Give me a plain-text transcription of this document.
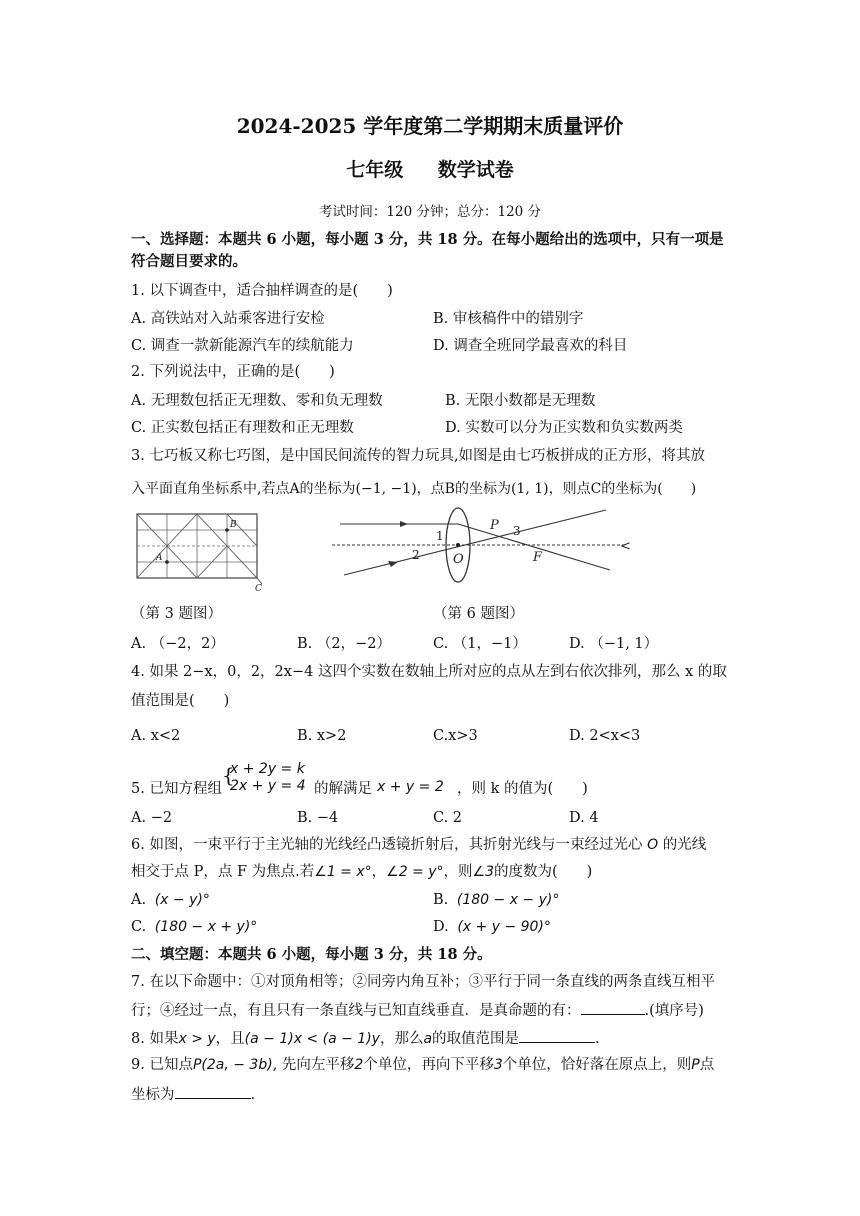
2024-2025 学年度第二学期期末质量评价
七年级 数学试卷
考试时间：120 分钟；总分：120 分
一、选择题：本题共 6 小题，每小题 3 分，共 18 分。在每小题给出的选项中，只有一项是
符合题目要求的。
1. 以下调查中，适合抽样调查的是(　　)
A. 高铁站对入站乘客进行安检	B. 审核稿件中的错别字
C. 调查一款新能源汽车的续航能力	D. 调查全班同学最喜欢的科目
2. 下列说法中，正确的是(　　)
A. 无理数包括正无理数、零和负无理数	B. 无限小数都是无理数
C. 正实数包括正有理数和正无理数	D. 实数可以分为正实数和负实数两类
3. 七巧板又称七巧图，是中国民间流传的智力玩具,如图是由七巧板拼成的正方形，将其放
入平面直角坐标系中,若点A的坐标为(−1, −1)，点B的坐标为(1, 1)，则点C的坐标为(　　)
A
B
C
1
2
3
P
O	F
<
（第 3 题图）	（第 6 题图）
A. （−2，2）	B. （2，−2）	C. （1，−1）	D. （−1, 1）
4. 如果 2−x，0，2，2x−4 这四个实数在数轴上所对应的点从左到右依次排列，那么 x 的取
值范围是(　　)
A. x<2	B. x>2	C.x>3	D. 2<x<3
5. 已知方程组
{
x + 2y = k
2x + y = 4 的解满足 x + y = 2 ，则 k 的值为(　　)
A. −2	B. −4	C. 2	D. 4
6. 如图，一束平行于主光轴的光线经凸透镜折射后，其折射光线与一束经过光心 O 的光线
相交于点 P，点 F 为焦点.若∠1 = x°，∠2 = y°，则∠3的度数为(　　)
A. (x − y)°	B. (180 − x − y)°
C. (180 − x + y)°	D. (x + y − 90)°
二、填空题：本题共 6 小题，每小题 3 分，共 18 分。
7. 在以下命题中：①对顶角相等；②同旁内角互补；③平行于同一条直线的两条直线互相平
行；④经过一点，有且只有一条直线与已知直线垂直．是真命题的有：	.(填序号)
8. 如果x > y，且(a − 1)x < (a − 1)y，那么a的取值范围是	.
9. 已知点P(2a, − 3b), 先向左平移2个单位，再向下平移3个单位，恰好落在原点上，则P点
坐标为	.
